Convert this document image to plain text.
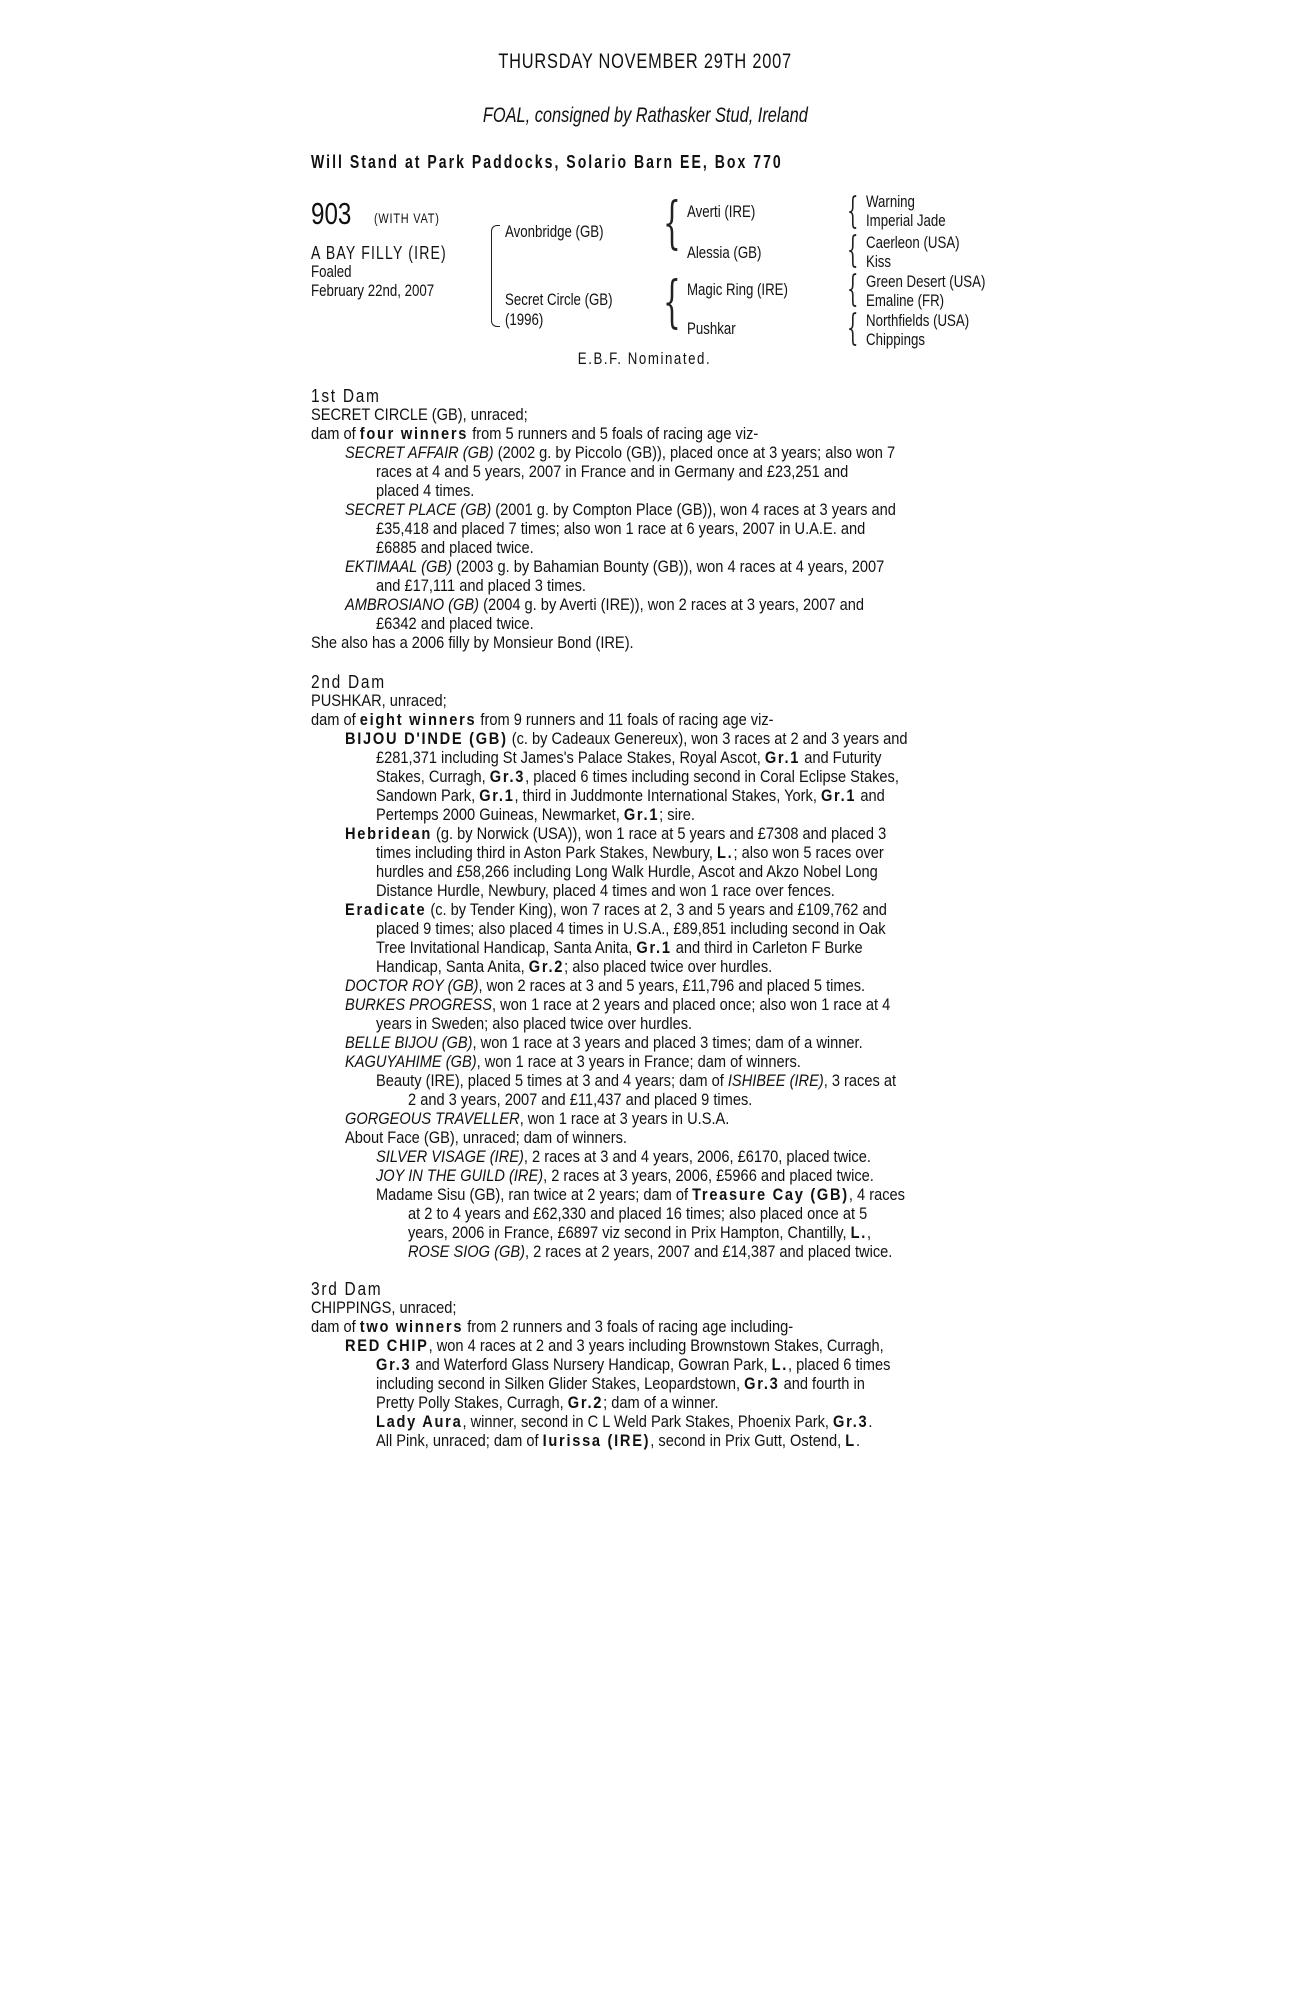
THURSDAY NOVEMBER 29TH 2007
FOAL, consigned by Rathasker Stud, Ireland
Will Stand at Park Paddocks, Solario Barn EE, Box 770
903	(WITH VAT)
A BAY FILLY (IRE)
Foaled
February 22nd, 2007
Avonbridge (GB)
Secret Circle (GB)
(1996)
{
{
Averti (IRE)
Alessia (GB)
Magic Ring (IRE)
Pushkar
{
{
{
{
Warning
Imperial Jade
Caerleon (USA)
Kiss
Green Desert (USA)
Emaline (FR)
Northfields (USA)
Chippings
E.B.F. Nominated.
1st Dam
SECRET CIRCLE (GB), unraced;
dam of four winners from 5 runners and 5 foals of racing age viz-
SECRET AFFAIR (GB) (2002 g. by Piccolo (GB)), placed once at 3 years; also won 7
races at 4 and 5 years, 2007 in France and in Germany and £23,251 and
placed 4 times.
SECRET PLACE (GB) (2001 g. by Compton Place (GB)), won 4 races at 3 years and
£35,418 and placed 7 times; also won 1 race at 6 years, 2007 in U.A.E. and
£6885 and placed twice.
EKTIMAAL (GB) (2003 g. by Bahamian Bounty (GB)), won 4 races at 4 years, 2007
and £17,111 and placed 3 times.
AMBROSIANO (GB) (2004 g. by Averti (IRE)), won 2 races at 3 years, 2007 and
£6342 and placed twice.
She also has a 2006 filly by Monsieur Bond (IRE).
2nd Dam
PUSHKAR, unraced;
dam of eight winners from 9 runners and 11 foals of racing age viz-
BIJOU D'INDE (GB) (c. by Cadeaux Genereux), won 3 races at 2 and 3 years and
£281,371 including St James's Palace Stakes, Royal Ascot, Gr.1 and Futurity
Stakes, Curragh, Gr.3, placed 6 times including second in Coral Eclipse Stakes,
Sandown Park, Gr.1, third in Juddmonte International Stakes, York, Gr.1 and
Pertemps 2000 Guineas, Newmarket, Gr.1; sire.
Hebridean (g. by Norwick (USA)), won 1 race at 5 years and £7308 and placed 3
times including third in Aston Park Stakes, Newbury, L.; also won 5 races over
hurdles and £58,266 including Long Walk Hurdle, Ascot and Akzo Nobel Long
Distance Hurdle, Newbury, placed 4 times and won 1 race over fences.
Eradicate (c. by Tender King), won 7 races at 2, 3 and 5 years and £109,762 and
placed 9 times; also placed 4 times in U.S.A., £89,851 including second in Oak
Tree Invitational Handicap, Santa Anita, Gr.1 and third in Carleton F Burke
Handicap, Santa Anita, Gr.2; also placed twice over hurdles.
DOCTOR ROY (GB), won 2 races at 3 and 5 years, £11,796 and placed 5 times.
BURKES PROGRESS, won 1 race at 2 years and placed once; also won 1 race at 4
years in Sweden; also placed twice over hurdles.
BELLE BIJOU (GB), won 1 race at 3 years and placed 3 times; dam of a winner.
KAGUYAHIME (GB), won 1 race at 3 years in France; dam of winners.
Beauty (IRE), placed 5 times at 3 and 4 years; dam of ISHIBEE (IRE), 3 races at
2 and 3 years, 2007 and £11,437 and placed 9 times.
GORGEOUS TRAVELLER, won 1 race at 3 years in U.S.A.
About Face (GB), unraced; dam of winners.
SILVER VISAGE (IRE), 2 races at 3 and 4 years, 2006, £6170, placed twice.
JOY IN THE GUILD (IRE), 2 races at 3 years, 2006, £5966 and placed twice.
Madame Sisu (GB), ran twice at 2 years; dam of Treasure Cay (GB), 4 races
at 2 to 4 years and £62,330 and placed 16 times; also placed once at 5
years, 2006 in France, £6897 viz second in Prix Hampton, Chantilly, L.,
ROSE SIOG (GB), 2 races at 2 years, 2007 and £14,387 and placed twice.
3rd Dam
CHIPPINGS, unraced;
dam of two winners from 2 runners and 3 foals of racing age including-
RED CHIP, won 4 races at 2 and 3 years including Brownstown Stakes, Curragh,
Gr.3 and Waterford Glass Nursery Handicap, Gowran Park, L., placed 6 times
including second in Silken Glider Stakes, Leopardstown, Gr.3 and fourth in
Pretty Polly Stakes, Curragh, Gr.2; dam of a winner.
Lady Aura, winner, second in C L Weld Park Stakes, Phoenix Park, Gr.3.
All Pink, unraced; dam of Iurissa (IRE), second in Prix Gutt, Ostend, L.
